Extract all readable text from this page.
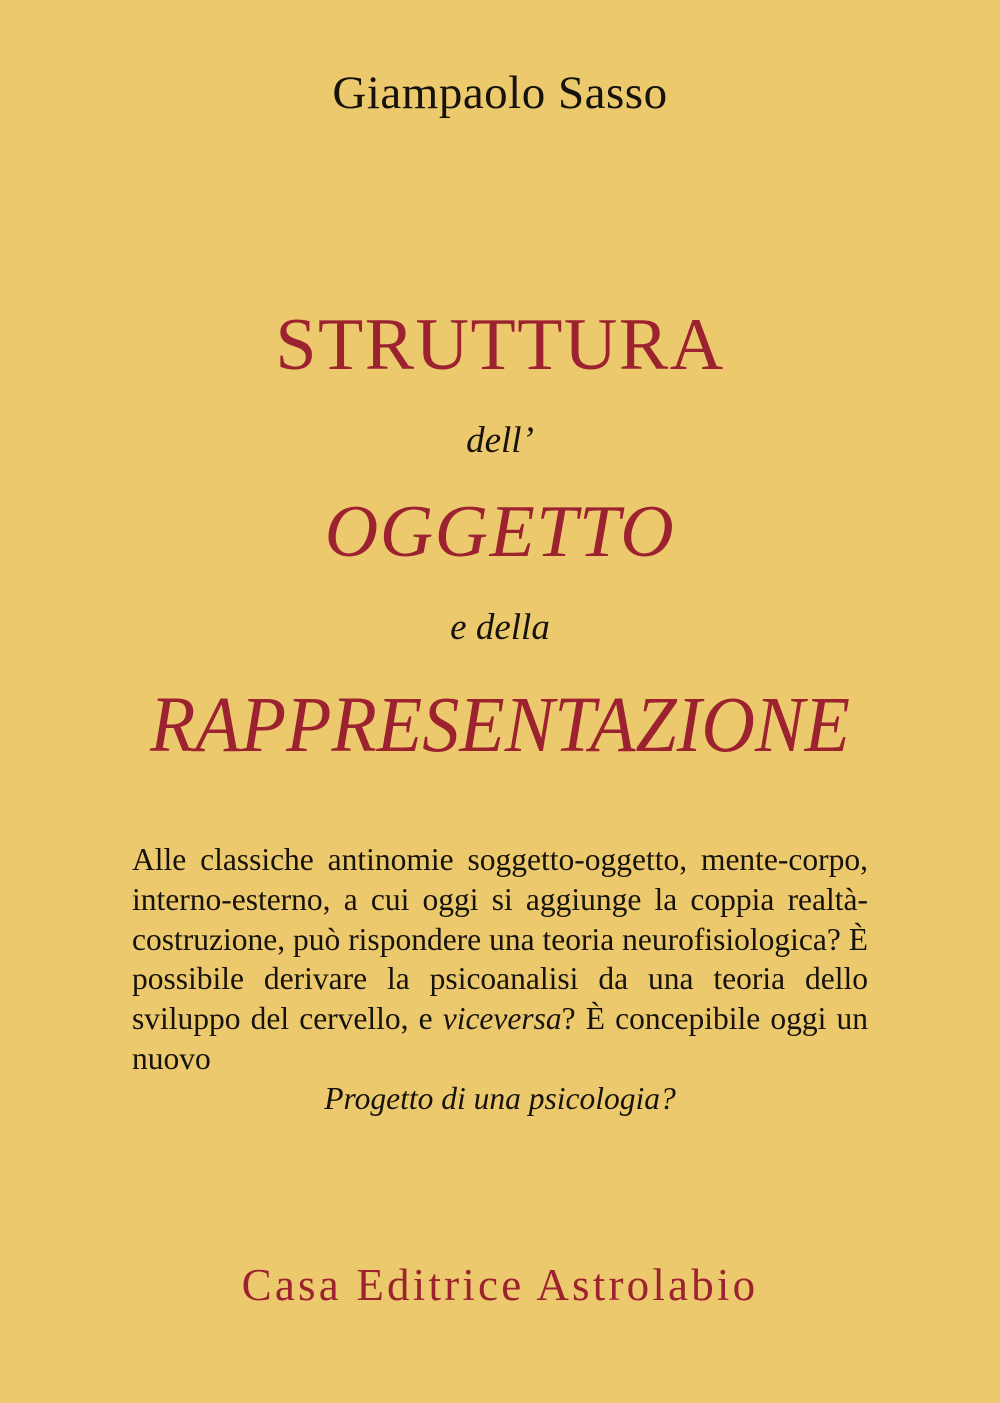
Giampaolo Sasso
STRUTTURA
dell’
OGGETTO
e della
RAPPRESENTAZIONE

Alle classiche antinomie soggetto-oggetto, mente-corpo, interno-esterno, a cui oggi si aggiunge la coppia realtà-costruzione, può rispondere una teoria neurofisiologica? È possibile derivare la psicoanalisi da una teoria dello sviluppo del cervello, e viceversa? È concepibile oggi un nuovo
Progetto di una psicologia?

Casa Editrice Astrolabio
